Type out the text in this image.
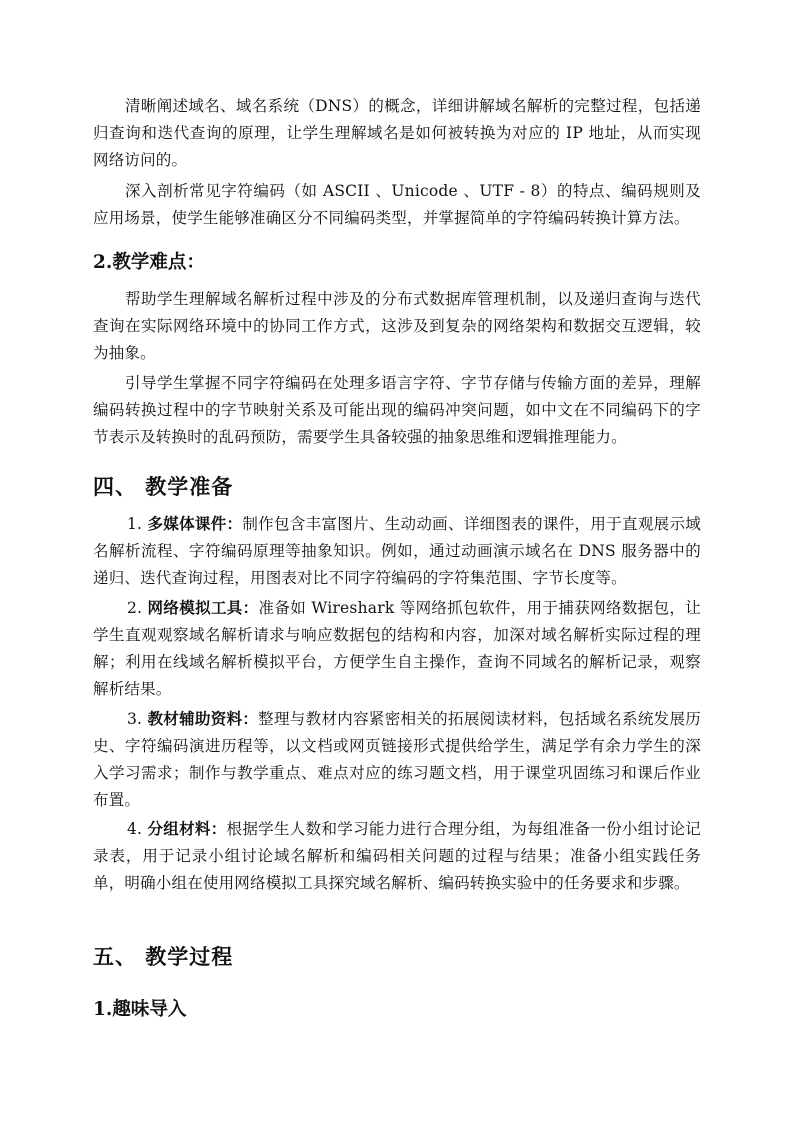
清晰阐述域名、域名系统（DNS）的概念，详细讲解域名解析的完整过程，包括递归查询和迭代查询的原理，让学生理解域名是如何被转换为对应的 IP 地址，从而实现网络访问的。

深入剖析常见字符编码（如 ASCII 、Unicode 、UTF - 8）的特点、编码规则及应用场景，使学生能够准确区分不同编码类型，并掌握简单的字符编码转换计算方法。

2.教学难点：

帮助学生理解域名解析过程中涉及的分布式数据库管理机制，以及递归查询与迭代查询在实际网络环境中的协同工作方式，这涉及到复杂的网络架构和数据交互逻辑，较为抽象。

引导学生掌握不同字符编码在处理多语言字符、字节存储与传输方面的差异，理解编码转换过程中的字节映射关系及可能出现的编码冲突问题，如中文在不同编码下的字节表示及转换时的乱码预防，需要学生具备较强的抽象思维和逻辑推理能力。

四、 教学准备

1. 多媒体课件：制作包含丰富图片、生动动画、详细图表的课件，用于直观展示域名解析流程、字符编码原理等抽象知识。例如，通过动画演示域名在 DNS 服务器中的递归、迭代查询过程，用图表对比不同字符编码的字符集范围、字节长度等。

2. 网络模拟工具：准备如 Wireshark 等网络抓包软件，用于捕获网络数据包，让学生直观观察域名解析请求与响应数据包的结构和内容，加深对域名解析实际过程的理解；利用在线域名解析模拟平台，方便学生自主操作，查询不同域名的解析记录，观察解析结果。

3. 教材辅助资料：整理与教材内容紧密相关的拓展阅读材料，包括域名系统发展历史、字符编码演进历程等，以文档或网页链接形式提供给学生，满足学有余力学生的深入学习需求；制作与教学重点、难点对应的练习题文档，用于课堂巩固练习和课后作业布置。

4. 分组材料：根据学生人数和学习能力进行合理分组，为每组准备一份小组讨论记录表，用于记录小组讨论域名解析和编码相关问题的过程与结果；准备小组实践任务单，明确小组在使用网络模拟工具探究域名解析、编码转换实验中的任务要求和步骤。

五、 教学过程
1.趣味导入
